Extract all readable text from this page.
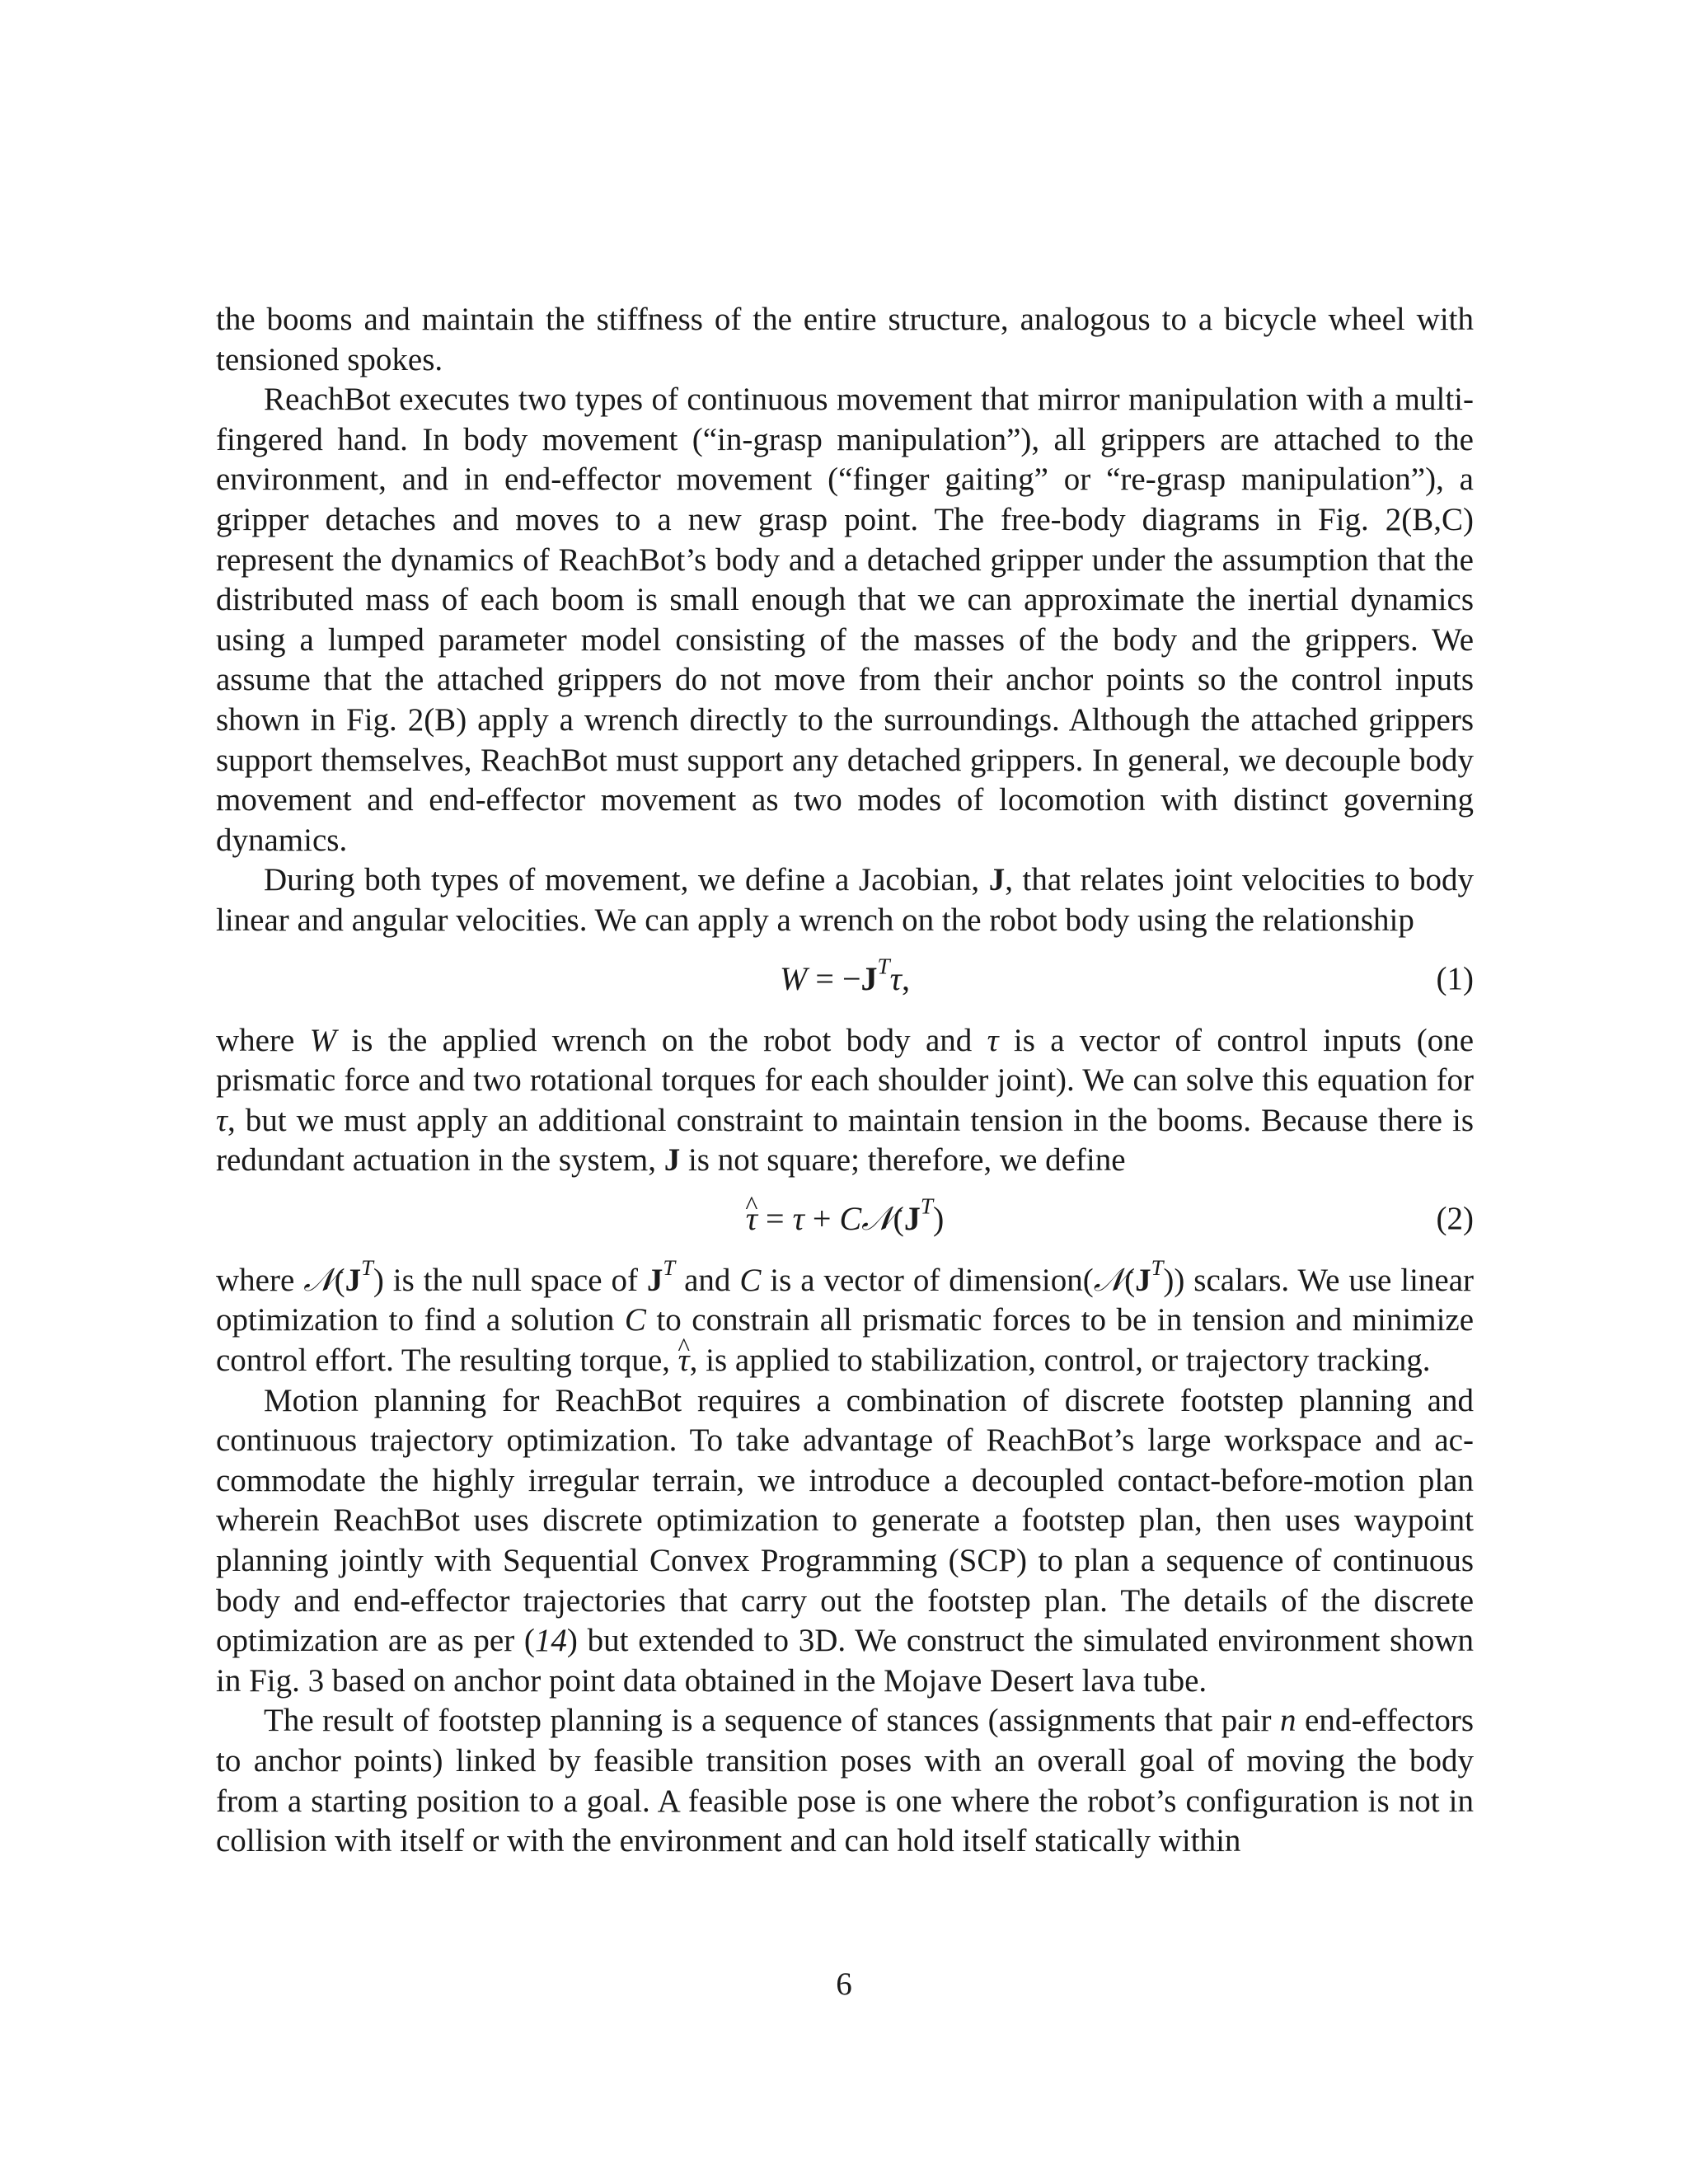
the booms and maintain the stiffness of the entire structure, analogous to a bicycle wheel with tensioned spokes.

ReachBot executes two types of continuous movement that mirror manipulation with a multi-fingered hand. In body movement (“in-grasp manipulation”), all grippers are attached to the environment, and in end-effector movement (“finger gaiting” or “re-grasp manipulation”), a gripper detaches and moves to a new grasp point. The free-body diagrams in Fig. 2(B,C) represent the dynamics of ReachBot’s body and a detached gripper under the assumption that the distributed mass of each boom is small enough that we can approximate the inertial dynamics using a lumped parameter model consisting of the masses of the body and the grippers. We assume that the attached grippers do not move from their anchor points so the control inputs shown in Fig. 2(B) apply a wrench directly to the surroundings. Although the attached grippers support themselves, ReachBot must support any detached grippers. In general, we decouple body movement and end-effector movement as two modes of locomotion with distinct governing dynamics.

During both types of movement, we define a Jacobian, J, that relates joint velocities to body linear and angular velocities. We can apply a wrench on the robot body using the relationship

$W = -J^T\tau$,	(1)

where W is the applied wrench on the robot body and τ is a vector of control inputs (one prismatic force and two rotational torques for each shoulder joint). We can solve this equation for τ, but we must apply an additional constraint to maintain tension in the booms. Because there is redundant actuation in the system, J is not square; therefore, we define

^ $\tau = \tau + C𝒩(J^T)$	(2)

where $𝒩(J^T)$ is the null space of $J^T$ and C is a vector of $dimension(𝒩(J^T))$ scalars. We use linear optimization to find a solution C to constrain all prismatic forces to be in tension and minimize control effort. The resulting torque, ^ τ, is applied to stabilization, control, or trajectory tracking.

Motion planning for ReachBot requires a combination of discrete footstep planning and continuous trajectory optimization. To take advantage of ReachBot’s large workspace and accommodate the highly irregular terrain, we introduce a decoupled contact-before-motion plan wherein ReachBot uses discrete optimization to generate a footstep plan, then uses waypoint planning jointly with Sequential Convex Programming (SCP) to plan a sequence of continuous body and end-effector trajectories that carry out the footstep plan. The details of the discrete optimization are as per (14) but extended to 3D. We construct the simulated environment shown in Fig. 3 based on anchor point data obtained in the Mojave Desert lava tube.

The result of footstep planning is a sequence of stances (assignments that pair n end-effectors to anchor points) linked by feasible transition poses with an overall goal of moving the body from a starting position to a goal. A feasible pose is one where the robot’s configuration is not in collision with itself or with the environment and can hold itself statically within

6
